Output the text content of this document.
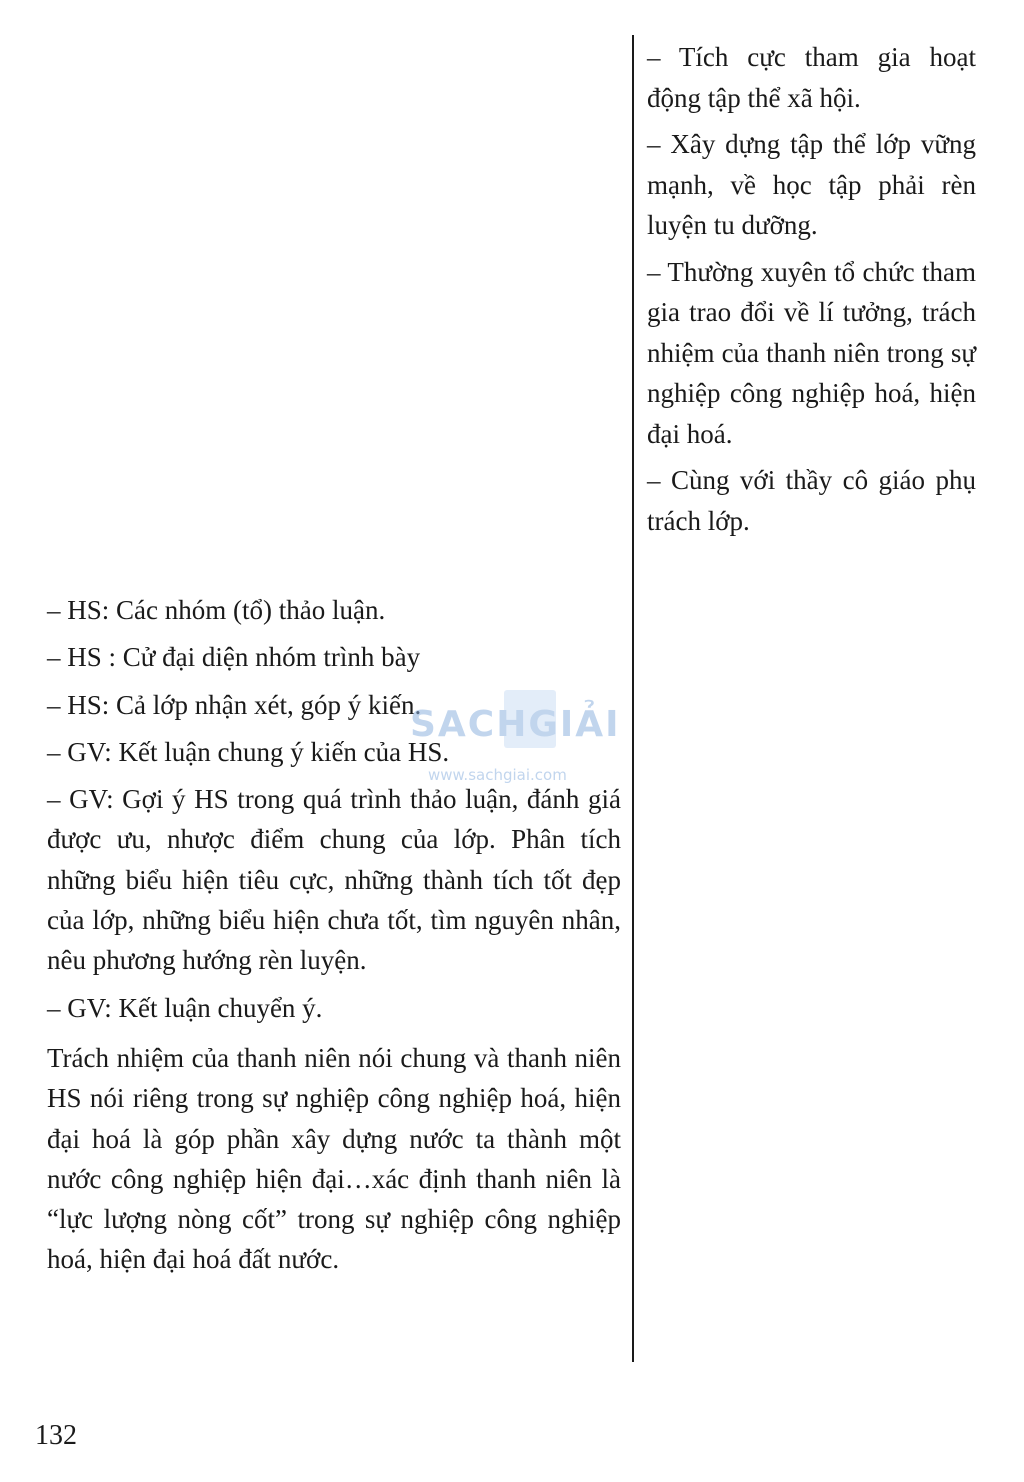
– Tích cực tham gia hoạt động tập thể xã hội.

– Xây dựng tập thể lớp vững mạnh, về học tập phải rèn luyện tu dưỡng.

– Thường xuyên tổ chức tham gia trao đổi về lí tưởng, trách nhiệm của thanh niên trong sự nghiệp công nghiệp hoá, hiện đại hoá.

– Cùng với thầy cô giáo phụ trách lớp.

– HS: Các nhóm (tổ) thảo luận.

– HS : Cử đại diện nhóm trình bày

– HS: Cả lớp nhận xét, góp ý kiến.

– GV: Kết luận chung ý kiến của HS.

– GV: Gợi ý HS trong quá trình thảo luận, đánh giá được ưu, nhược điểm chung của lớp. Phân tích những biểu hiện tiêu cực, những thành tích tốt đẹp của lớp, những biểu hiện chưa tốt, tìm nguyên nhân, nêu phương hướng rèn luyện.

– GV: Kết luận chuyển ý.

Trách nhiệm của thanh niên nói chung và thanh niên HS nói riêng trong sự nghiệp công nghiệp hoá, hiện đại hoá là góp phần xây dựng nước ta thành một nước công nghiệp hiện đại…xác định thanh niên là “lực lượng nòng cốt” trong sự nghiệp công nghiệp hoá, hiện đại hoá đất nước.

SACHGIẢI
www.sachgiai.com
132
